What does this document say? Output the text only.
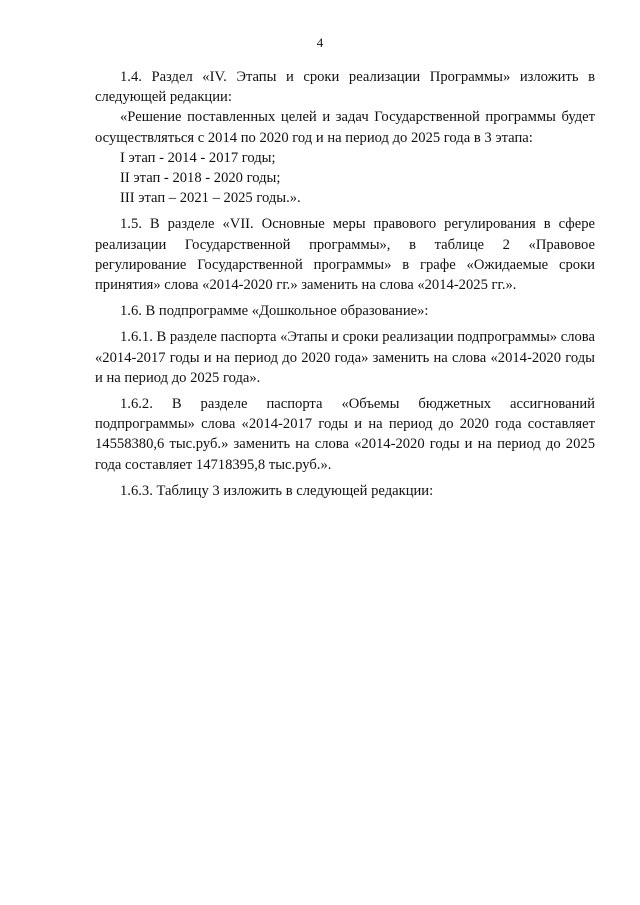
4

1.4. Раздел «IV. Этапы и сроки реализации Программы» изложить в следующей редакции:

«Решение поставленных целей и задач Государственной программы будет осуществляться с 2014 по 2020 год и на период до 2025 года в 3 этапа:

I этап - 2014 - 2017 годы;

II этап - 2018 - 2020 годы;

III этап – 2021 – 2025 годы.».

1.5. В разделе «VII. Основные меры правового регулирования в сфере реализации Государственной программы», в таблице 2 «Правовое регулирование Государственной программы» в графе «Ожидаемые сроки принятия» слова «2014-2020 гг.» заменить на слова «2014-2025 гг.».

1.6. В подпрограмме «Дошкольное образование»:

1.6.1. В разделе паспорта «Этапы и сроки реализации подпрограммы» слова «2014-2017 годы и на период до 2020 года» заменить на слова «2014-2020 годы и на период до 2025 года».

1.6.2. В разделе паспорта «Объемы бюджетных ассигнований подпрограммы» слова «2014-2017 годы и на период до 2020 года составляет 14558380,6 тыс.руб.» заменить на слова «2014-2020 годы и на период до 2025 года составляет 14718395,8 тыс.руб.».

1.6.3. Таблицу 3 изложить в следующей редакции:
